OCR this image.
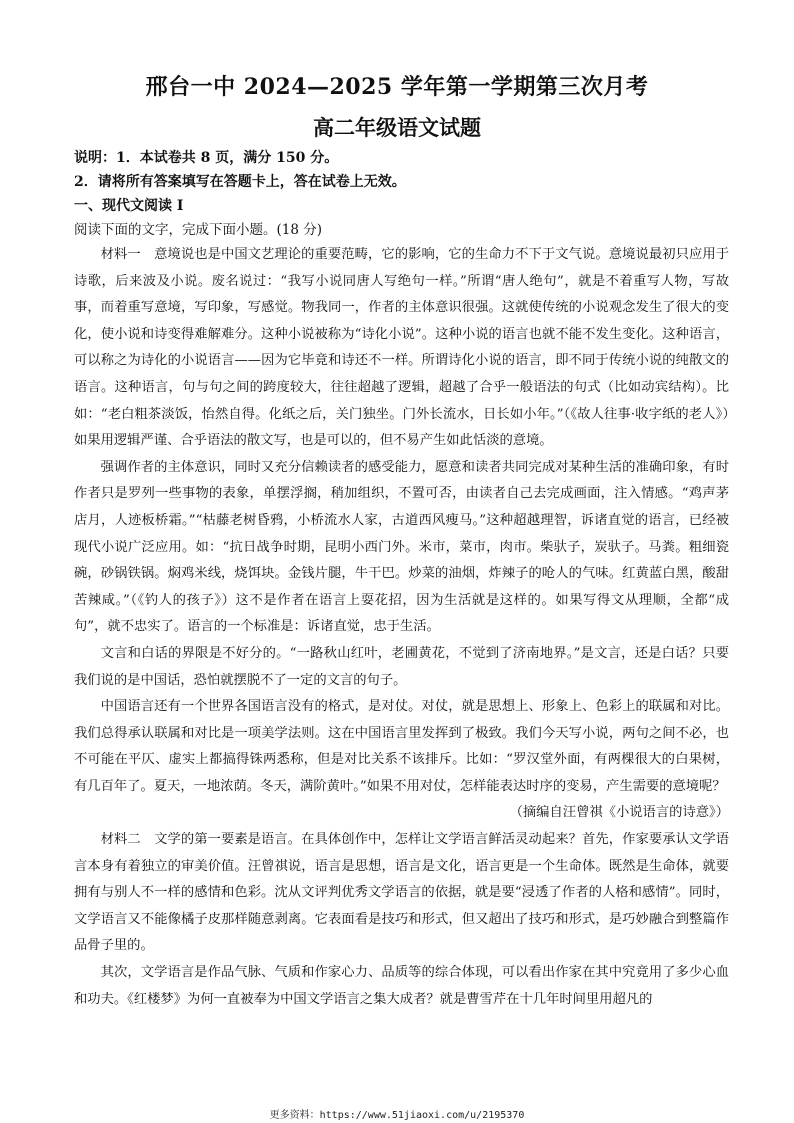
邢台一中 2024—2025 学年第一学期第三次月考
高二年级语文试题

说明：1．本试卷共 8 页，满分 150 分。

2．请将所有答案填写在答题卡上，答在试卷上无效。

一、现代文阅读 I

阅读下面的文字，完成下面小题。(18 分)

材料一　意境说也是中国文艺理论的重要范畴，它的影响，它的生命力不下于文气说。意境说最初只应用于诗歌，后来波及小说。废名说过：“我写小说同唐人写绝句一样。”所谓“唐人绝句”，就是不着重写人物，写故事，而着重写意境，写印象，写感觉。物我同一，作者的主体意识很强。这就使传统的小说观念发生了很大的变化，使小说和诗变得难解难分。这种小说被称为“诗化小说”。这种小说的语言也就不能不发生变化。这种语言，可以称之为诗化的小说语言——因为它毕竟和诗还不一样。所谓诗化小说的语言，即不同于传统小说的纯散文的语言。这种语言，句与句之间的跨度较大，往往超越了逻辑，超越了合乎一般语法的句式（比如动宾结构）。比如：“老白粗茶淡饭，怡然自得。化纸之后，关门独坐。门外长流水，日长如小年。”（《故人往事·收字纸的老人》）如果用逻辑严谨、合乎语法的散文写，也是可以的，但不易产生如此恬淡的意境。

强调作者的主体意识，同时又充分信赖读者的感受能力，愿意和读者共同完成对某种生活的准确印象，有时作者只是罗列一些事物的表象，单摆浮搁，稍加组织，不置可否，由读者自己去完成画面，注入情感。“鸡声茅店月，人迹板桥霜。”“枯藤老树昏鸦，小桥流水人家，古道西风瘦马。”这种超越理智，诉诸直觉的语言，已经被现代小说广泛应用。如：“抗日战争时期，昆明小西门外。米市，菜市，肉市。柴驮子，炭驮子。马粪。粗细瓷碗，砂锅铁锅。焖鸡米线，烧饵块。金钱片腿，牛干巴。炒菜的油烟，炸辣子的呛人的气味。红黄蓝白黑，酸甜苦辣咸。”（《钓人的孩子》）这不是作者在语言上耍花招，因为生活就是这样的。如果写得文从理顺，全都“成句”，就不忠实了。语言的一个标准是：诉诸直觉，忠于生活。

文言和白话的界限是不好分的。“一路秋山红叶，老圃黄花，不觉到了济南地界。”是文言，还是白话？只要我们说的是中国话，恐怕就摆脱不了一定的文言的句子。

中国语言还有一个世界各国语言没有的格式，是对仗。对仗，就是思想上、形象上、色彩上的联属和对比。我们总得承认联属和对比是一项美学法则。这在中国语言里发挥到了极致。我们今天写小说，两句之间不必，也不可能在平仄、虚实上都搞得铢两悉称，但是对比关系不该排斥。比如：“罗汉堂外面，有两棵很大的白果树，有几百年了。夏天，一地浓荫。冬天，满阶黄叶。”如果不用对仗，怎样能表达时序的变易，产生需要的意境呢？

（摘编自汪曾祺《小说语言的诗意》）

材料二　文学的第一要素是语言。在具体创作中，怎样让文学语言鲜活灵动起来？首先，作家要承认文学语言本身有着独立的审美价值。汪曾祺说，语言是思想，语言是文化，语言更是一个生命体。既然是生命体，就要拥有与别人不一样的感情和色彩。沈从文评判优秀文学语言的依据，就是要“浸透了作者的人格和感情”。同时，文学语言又不能像橘子皮那样随意剥离。它表面看是技巧和形式，但又超出了技巧和形式，是巧妙融合到整篇作品骨子里的。

其次，文学语言是作品气脉、气质和作家心力、品质等的综合体现，可以看出作家在其中究竟用了多少心血和功夫。《红楼梦》为何一直被奉为中国文学语言之集大成者？就是曹雪芹在十几年时间里用超凡的

更多资料：https://www.51jiaoxi.com/u/2195370
